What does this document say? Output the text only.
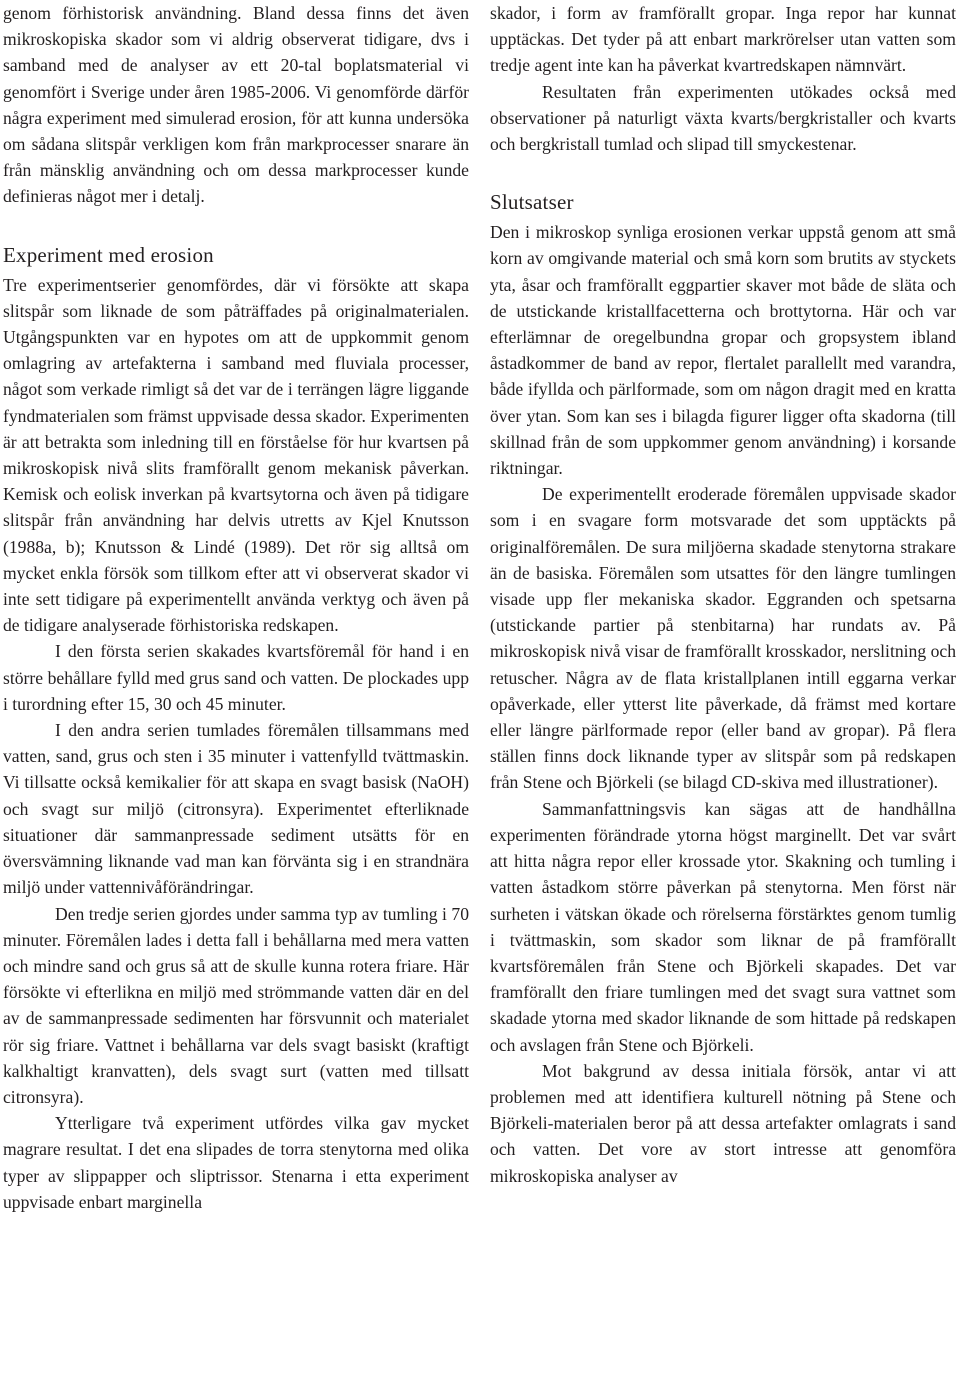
genom förhistorisk användning. Bland dessa finns det även mikroskopiska skador som vi aldrig observerat tidigare, dvs i samband med de analyser av ett 20-tal boplatsmaterial vi genomfört i Sverige under åren 1985-2006. Vi genomförde därför några experiment med simulerad erosion, för att kunna undersöka om sådana slitspår verkligen kom från markprocesser snarare än från mänsklig användning och om dessa markprocesser kunde definieras något mer i detalj.

Experiment med erosion

Tre experimentserier genomfördes, där vi försökte att skapa slitspår som liknade de som påträffades på originalmaterialen. Utgångspunkten var en hypotes om att de uppkommit genom omlagring av artefakterna i samband med fluviala processer, något som verkade rimligt så det var de i terrängen lägre liggande fyndmaterialen som främst uppvisade dessa skador. Experimenten är att betrakta som inledning till en förståelse för hur kvartsen på mikroskopisk nivå slits framförallt genom mekanisk påverkan. Kemisk och eolisk inverkan på kvartsytorna och även på tidigare slitspår från användning har delvis utretts av Kjel Knutsson (1988a, b); Knutsson & Lindé (1989). Det rör sig alltså om mycket enkla försök som tillkom efter att vi observerat skador vi inte sett tidigare på experimentellt använda verktyg och även på de tidigare analyserade förhistoriska redskapen.

I den första serien skakades kvartsföremål för hand i en större behållare fylld med grus sand och vatten. De plockades upp i turordning efter 15, 30 och 45 minuter.

I den andra serien tumlades föremålen tillsammans med vatten, sand, grus och sten i 35 minuter i vattenfylld tvättmaskin. Vi tillsatte också kemikalier för att skapa en svagt basisk (NaOH) och svagt sur miljö (citronsyra). Experimentet efterliknade situationer där sammanpressade sediment utsätts för en översvämning liknande vad man kan förvänta sig i en strandnära miljö under vattennivåförändringar.

Den tredje serien gjordes under samma typ av tumling i 70 minuter. Föremålen lades i detta fall i behållarna med mera vatten och mindre sand och grus så att de skulle kunna rotera friare. Här försökte vi efterlikna en miljö med strömmande vatten där en del av de sammanpressade sedimenten har försvunnit och materialet rör sig friare. Vattnet i behållarna var dels svagt basiskt (kraftigt kalkhaltigt kranvatten), dels svagt surt (vatten med tillsatt citronsyra).

Ytterligare två experiment utfördes vilka gav mycket magrare resultat. I det ena slipades de torra stenytorna med olika typer av slippapper och sliptrissor. Stenarna i etta experiment uppvisade enbart marginella

skador, i form av framförallt gropar. Inga repor har kunnat upptäckas. Det tyder på att enbart markrörelser utan vatten som tredje agent inte kan ha påverkat kvartredskapen nämnvärt.

Resultaten från experimenten utökades också med observationer på naturligt växta kvarts/bergkristaller och kvarts och bergkristall tumlad och slipad till smyckestenar.

Slutsatser

Den i mikroskop synliga erosionen verkar uppstå genom att små korn av omgivande material och små korn som brutits av styckets yta, åsar och framförallt eggpartier skaver mot både de släta och de utstickande kristallfacetterna och brottytorna. Här och var efterlämnar de oregelbundna gropar och gropsystem ibland åstadkommer de band av repor, flertalet parallellt med varandra, både ifyllda och pärlformade, som om någon dragit med en kratta över ytan. Som kan ses i bilagda figurer ligger ofta skadorna (till skillnad från de som uppkommer genom användning) i korsande riktningar.

De experimentellt eroderade föremålen uppvisade skador som i en svagare form motsvarade det som upptäckts på originalföremålen. De sura miljöerna skadade stenytorna strakare än de basiska. Föremålen som utsattes för den längre tumlingen visade upp fler mekaniska skador. Eggranden och spetsarna (utstickande partier på stenbitarna) har rundats av. På mikroskopisk nivå visar de framförallt krosskador, nerslitning och retuscher. Några av de flata kristallplanen intill eggarna verkar opåverkade, eller ytterst lite påverkade, då främst med kortare eller längre pärlformade repor (eller band av gropar). På flera ställen finns dock liknande typer av slitspår som på redskapen från Stene och Björkeli (se bilagd CD-skiva med illustrationer).

Sammanfattningsvis kan sägas att de handhållna experimenten förändrade ytorna högst marginellt. Det var svårt att hitta några repor eller krossade ytor. Skakning och tumling i vatten åstadkom större påverkan på stenytorna. Men först när surheten i vätskan ökade och rörelserna förstärktes genom tumlig i tvättmaskin, som skador som liknar de på framförallt kvartsföremålen från Stene och Björkeli skapades. Det var framförallt den friare tumlingen med det svagt sura vattnet som skadade ytorna med skador liknande de som hittade på redskapen och avslagen från Stene och Björkeli.

Mot bakgrund av dessa initiala försök, antar vi att problemen med att identifiera kulturell nötning på Stene och Björkeli-materialen beror på att dessa artefakter omlagrats i sand och vatten. Det vore av stort intresse att genomföra mikroskopiska analyser av
